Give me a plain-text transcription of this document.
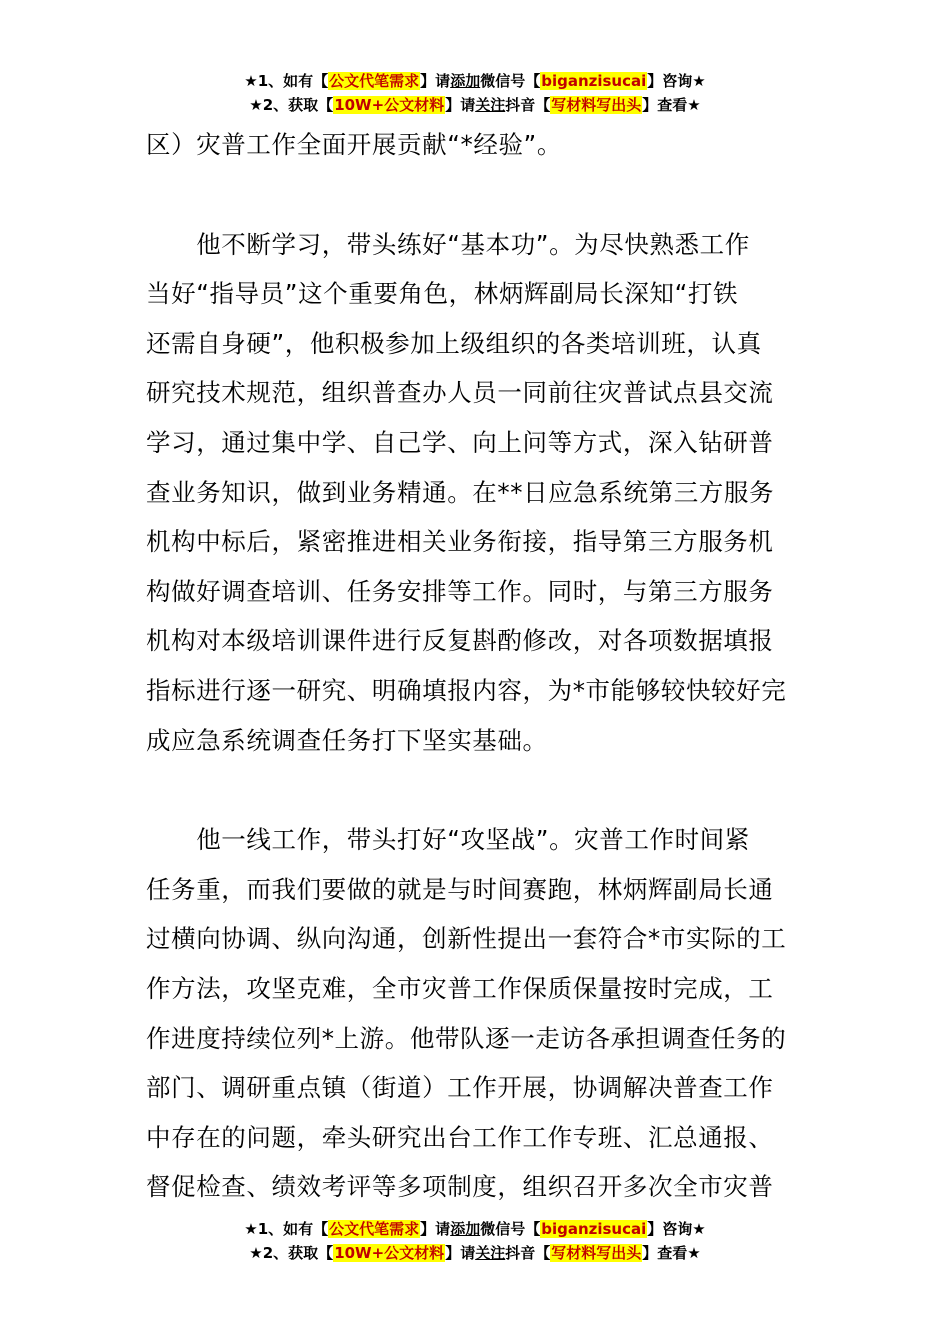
★1、如有【公文代笔需求】请添加微信号【biganzisucai】咨询★
★2、获取【10W+公文材料】请关注抖音【写材料写出头】查看★
区）灾普工作全面开展贡献“*经验”。
　　他不断学习，带头练好“基本功”。为尽快熟悉工作
当好“指导员”这个重要角色，林炳辉副局长深知“打铁
还需自身硬”，他积极参加上级组织的各类培训班，认真
研究技术规范，组织普查办人员一同前往灾普试点县交流
学习，通过集中学、自己学、向上问等方式，深入钻研普
查业务知识，做到业务精通。在**日应急系统第三方服务
机构中标后，紧密推进相关业务衔接，指导第三方服务机
构做好调查培训、任务安排等工作。同时，与第三方服务
机构对本级培训课件进行反复斟酌修改，对各项数据填报
指标进行逐一研究、明确填报内容，为*市能够较快较好完
成应急系统调查任务打下坚实基础。
　　他一线工作，带头打好“攻坚战”。灾普工作时间紧
任务重，而我们要做的就是与时间赛跑，林炳辉副局长通
过横向协调、纵向沟通，创新性提出一套符合*市实际的工
作方法，攻坚克难，全市灾普工作保质保量按时完成，工
作进度持续位列*上游。他带队逐一走访各承担调查任务的
部门、调研重点镇（街道）工作开展，协调解决普查工作
中存在的问题，牵头研究出台工作工作专班、汇总通报、
督促检查、绩效考评等多项制度，组织召开多次全市灾普
★1、如有【公文代笔需求】请添加微信号【biganzisucai】咨询★
★2、获取【10W+公文材料】请关注抖音【写材料写出头】查看★
